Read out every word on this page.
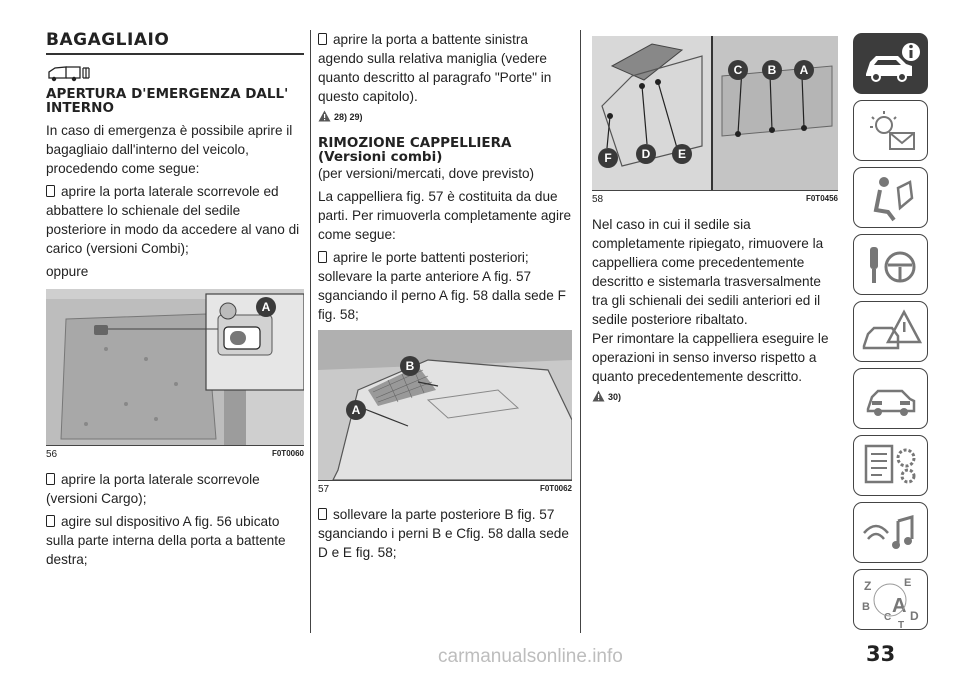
BAGAGLIAIO
APERTURA D'EMERGENZA DALL' INTERNO

In caso di emergenza è possibile aprire il bagagliaio dall'interno del veicolo, procedendo come segue:

aprire la porta laterale scorrevole ed abbattere lo schienale del sedile posteriore in modo da accedere al vano di carico (versioni Combi);

oppure

A
56	F0T0060

aprire la porta laterale scorrevole (versioni Cargo);

agire sul dispositivo A fig. 56 ubicato sulla parte interna della porta a battente destra;

aprire la porta a battente sinistra agendo sulla relativa maniglia (vedere quanto descritto al paragrafo "Porte" in questo capitolo).

28) 29)
RIMOZIONE CAPPELLIERA (Versioni combi)

(per versioni/mercati, dove previsto)

La cappelliera fig. 57 è costituita da due parti. Per rimuoverla completamente agire come segue:

aprire le porte battenti posteriori; sollevare la parte anteriore A fig. 57 sganciando il perno A fig. 58 dalla sede F fig. 58;

B
A
57	F0T0062

sollevare la parte posteriore B fig. 57 sganciando i perni B e Cfig. 58 dalla sede D e E fig. 58;

C	B	A
F	D	E
58	F0T0456

Nel caso in cui il sedile sia completamente ripiegato, rimuovere la cappelliera come precedentemente descritto e sistemarla trasversalmente tra gli schienali dei sedili anteriori ed il sedile posteriore ribaltato.

Per rimontare la cappelliera eseguire le operazioni in senso inverso rispetto a quanto precedentemente descritto.

30)
Z	E
B
C
A D
T
33
carmanualsonline.info
